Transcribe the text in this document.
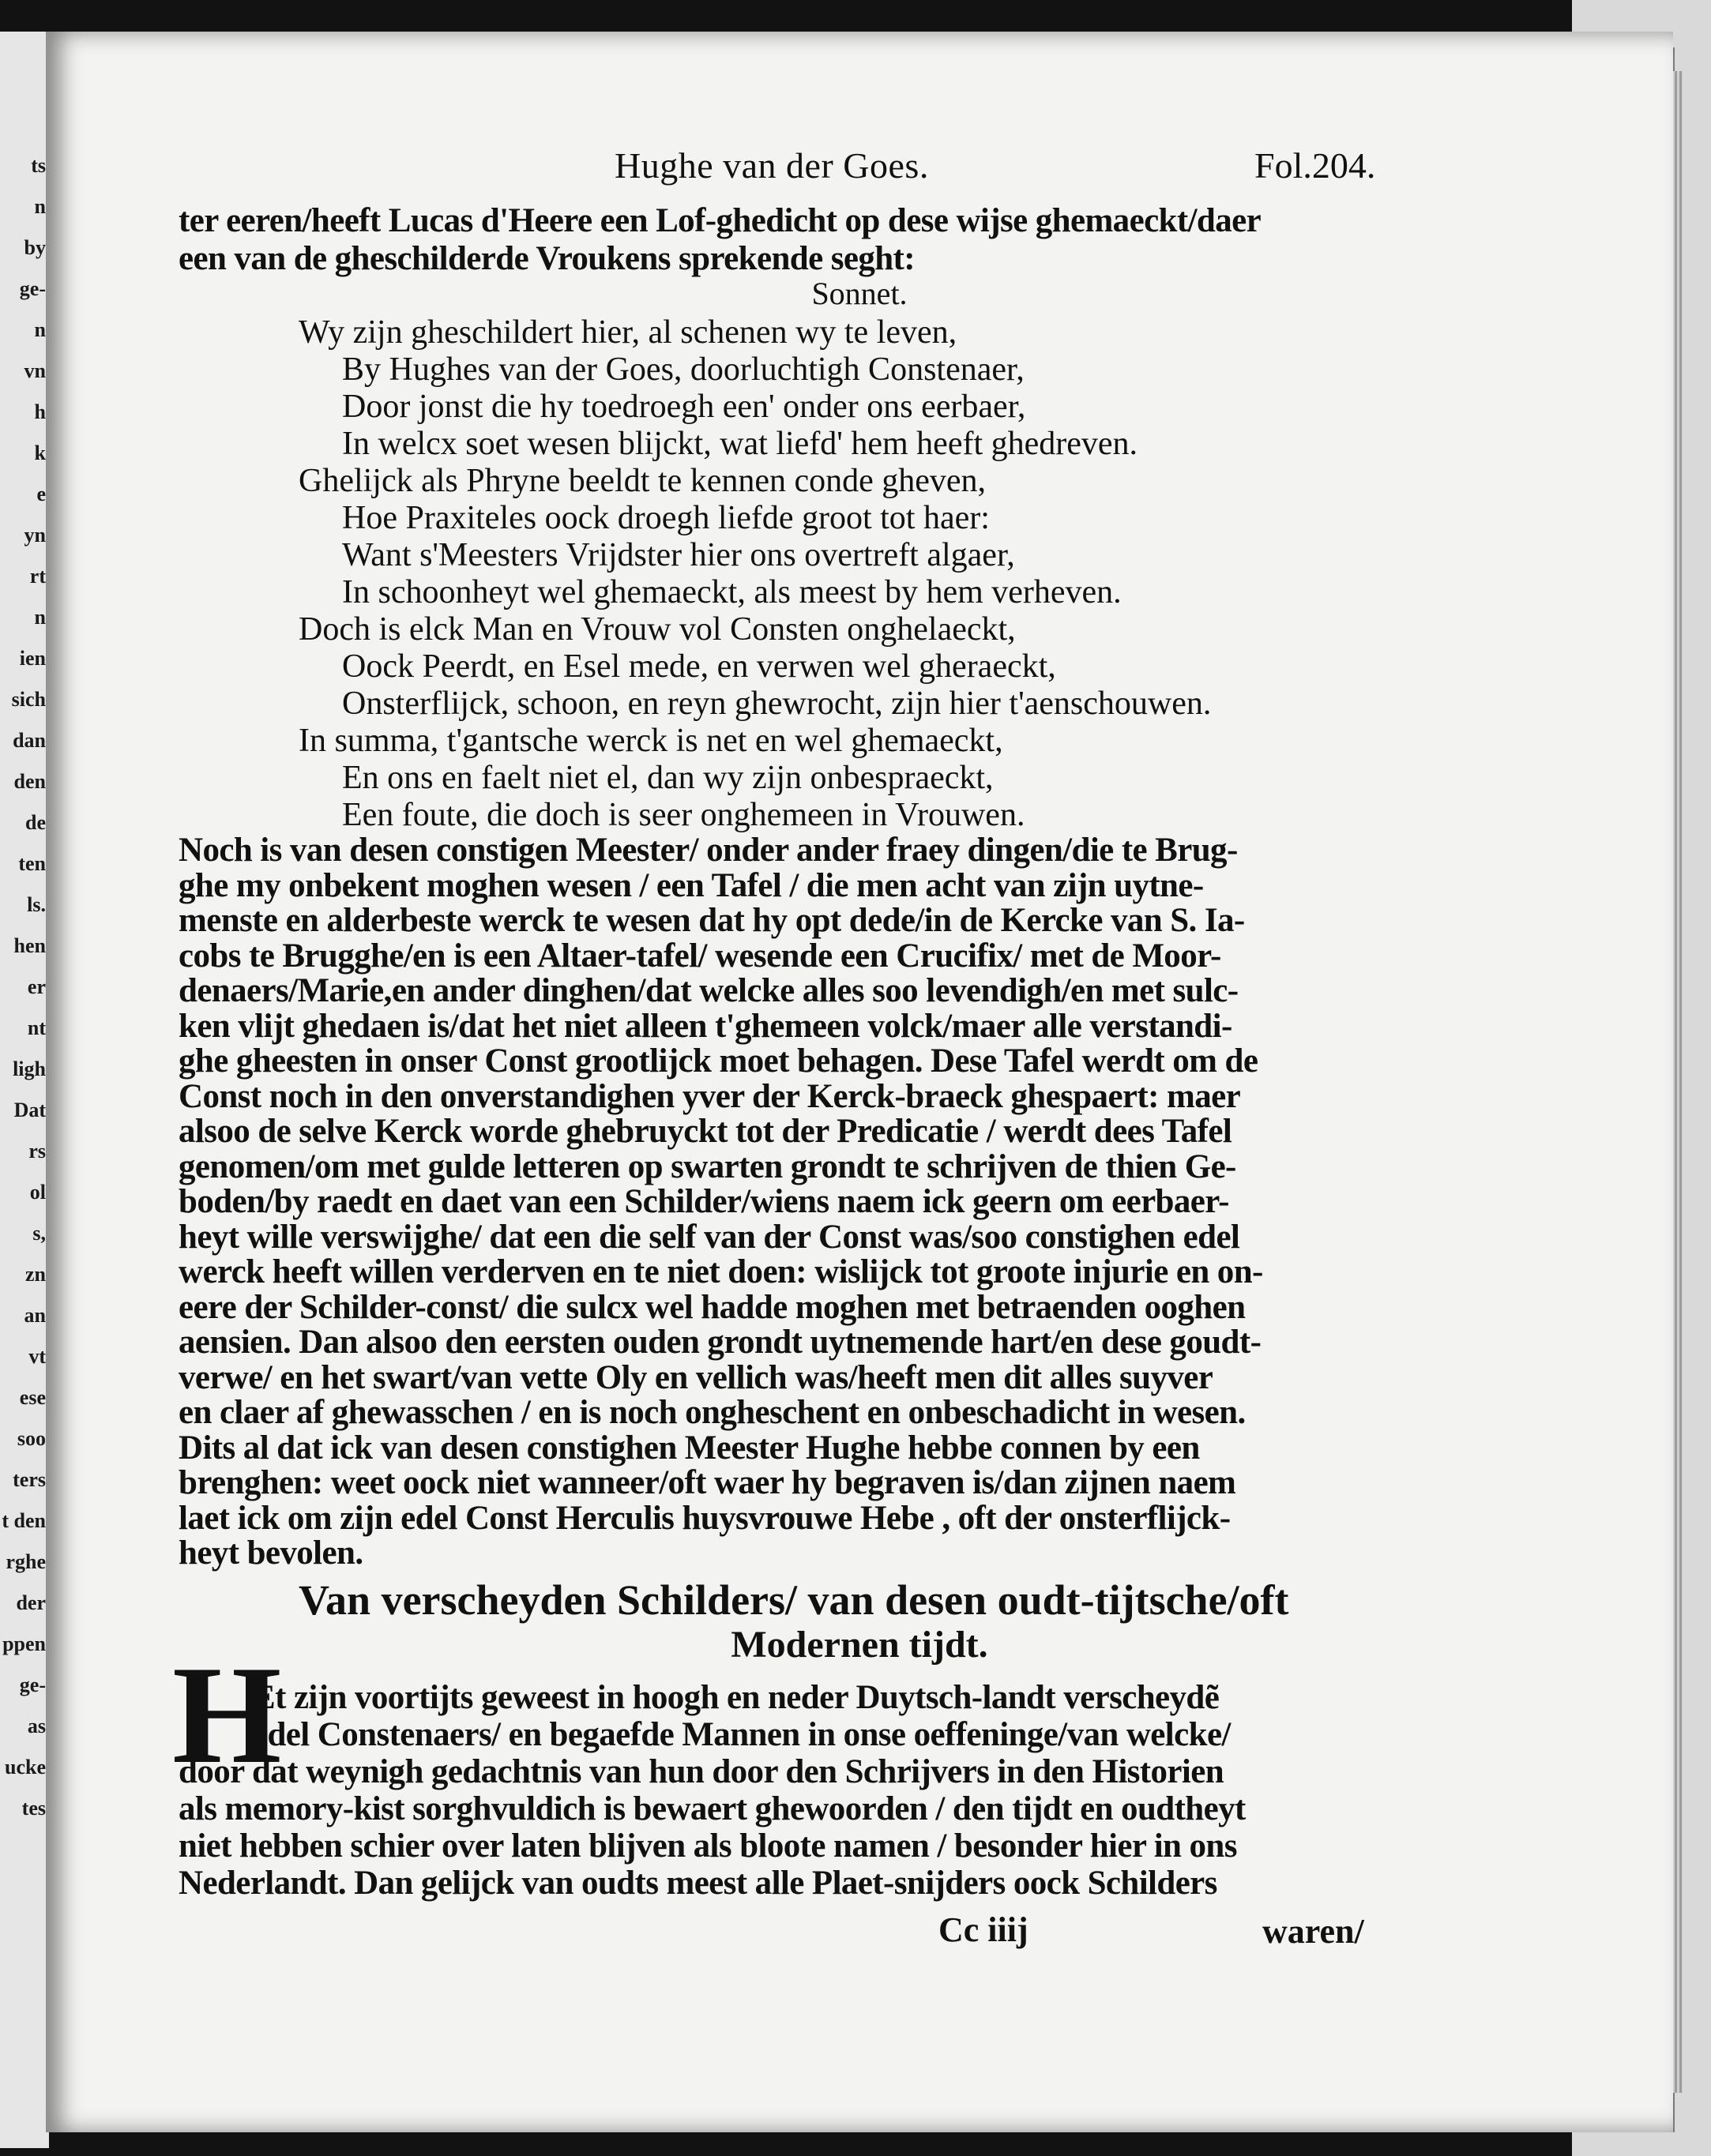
ts
n
by
ge-
n
vn
h
k
e
yn
rt
n
ien
sich
dan
den
de
ten
ls.
hen
er
nt
ligh
Dat
rs
ol
s,
zn
an
vt
ese
soo
ters
t den
rghe
der
ppen
ge-
as
ucke
tes
Hughe van der Goes.	Fol.204.
ter eeren/heeft Lucas d'Heere een Lof-ghedicht op dese wijse ghemaeckt/daer
een van de gheschilderde Vroukens sprekende seght:
Sonnet.
Wy zijn gheschildert hier, al schenen wy te leven,
By Hughes van der Goes, doorluchtigh Constenaer,
Door jonst die hy toedroegh een' onder ons eerbaer,
In welcx soet wesen blijckt, wat liefd' hem heeft ghedreven.
Ghelijck als Phryne beeldt te kennen conde gheven,
Hoe Praxiteles oock droegh liefde groot tot haer:
Want s'Meesters Vrijdster hier ons overtreft algaer,
In schoonheyt wel ghemaeckt, als meest by hem verheven.
Doch is elck Man en Vrouw vol Consten onghelaeckt,
Oock Peerdt, en Esel mede, en verwen wel gheraeckt,
Onsterflijck, schoon, en reyn ghewrocht, zijn hier t'aenschouwen.
In summa, t'gantsche werck is net en wel ghemaeckt,
En ons en faelt niet el, dan wy zijn onbespraeckt,
Een foute, die doch is seer onghemeen in Vrouwen.
Noch is van desen constigen Meester/ onder ander fraey dingen/die te Brug-
ghe my onbekent moghen wesen / een Tafel / die men acht van zijn uytne-
menste en alderbeste werck te wesen dat hy opt dede/in de Kercke van S. Ia-
cobs te Brugghe/en is een Altaer-tafel/ wesende een Crucifix/ met de Moor-
denaers/Marie,en ander dinghen/dat welcke alles soo levendigh/en met sulc-
ken vlijt ghedaen is/dat het niet alleen t'ghemeen volck/maer alle verstandi-
ghe gheesten in onser Const grootlijck moet behagen. Dese Tafel werdt om de
Const noch in den onverstandighen yver der Kerck-braeck ghespaert: maer
alsoo de selve Kerck worde ghebruyckt tot der Predicatie / werdt dees Tafel
genomen/om met gulde letteren op swarten grondt te schrijven de thien Ge-
boden/by raedt en daet van een Schilder/wiens naem ick geern om eerbaer-
heyt wille verswijghe/ dat een die self van der Const was/soo constighen edel
werck heeft willen verderven en te niet doen: wislijck tot groote injurie en on-
eere der Schilder-const/ die sulcx wel hadde moghen met betraenden ooghen
aensien. Dan alsoo den eersten ouden grondt uytnemende hart/en dese goudt-
verwe/ en het swart/van vette Oly en vellich was/heeft men dit alles suyver
en claer af ghewasschen / en is noch ongheschent en onbeschadicht in wesen.
Dits al dat ick van desen constighen Meester Hughe hebbe connen by een
brenghen: weet oock niet wanneer/oft waer hy begraven is/dan zijnen naem
laet ick om zijn edel Const Herculis huysvrouwe Hebe , oft der onsterflijck-
heyt bevolen.
Van verscheyden Schilders/ van desen oudt-tijtsche/oft
Modernen tijdt.
H
Et zijn voortijts geweest in hoogh en neder Duytsch-landt verscheydẽ
edel Constenaers/ en begaefde Mannen in onse oeffeninge/van welcke/
door dat weynigh gedachtnis van hun door den Schrijvers in den Historien
als memory-kist sorghvuldich is bewaert ghewoorden / den tijdt en oudtheyt
niet hebben schier over laten blijven als bloote namen / besonder hier in ons
Nederlandt. Dan gelijck van oudts meest alle Plaet-snijders oock Schilders
Cc iiij	waren/
